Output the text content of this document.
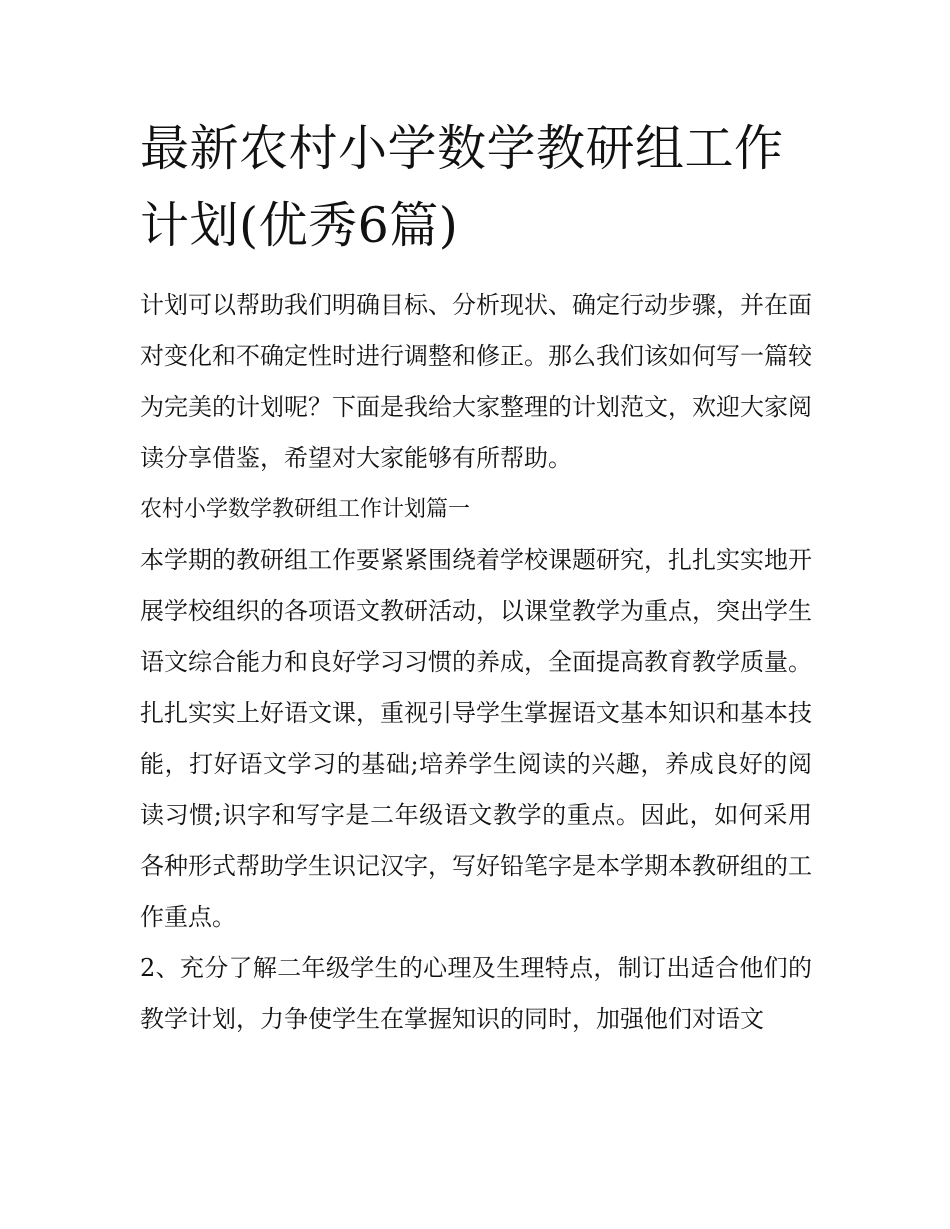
最新农村小学数学教研组工作计划(优秀6篇)

计划可以帮助我们明确目标、分析现状、确定行动步骤，并在面对变化和不确定性时进行调整和修正。那么我们该如何写一篇较为完美的计划呢？下面是我给大家整理的计划范文，欢迎大家阅读分享借鉴，希望对大家能够有所帮助。

农村小学数学教研组工作计划篇一

本学期的教研组工作要紧紧围绕着学校课题研究，扎扎实实地开展学校组织的各项语文教研活动，以课堂教学为重点，突出学生语文综合能力和良好学习习惯的养成，全面提高教育教学质量。

扎扎实实上好语文课，重视引导学生掌握语文基本知识和基本技能，打好语文学习的基础;培养学生阅读的兴趣，养成良好的阅读习惯;识字和写字是二年级语文教学的重点。因此，如何采用各种形式帮助学生识记汉字，写好铅笔字是本学期本教研组的工作重点。

2、充分了解二年级学生的心理及生理特点，制订出适合他们的教学计划，力争使学生在掌握知识的同时，加强他们对语文
